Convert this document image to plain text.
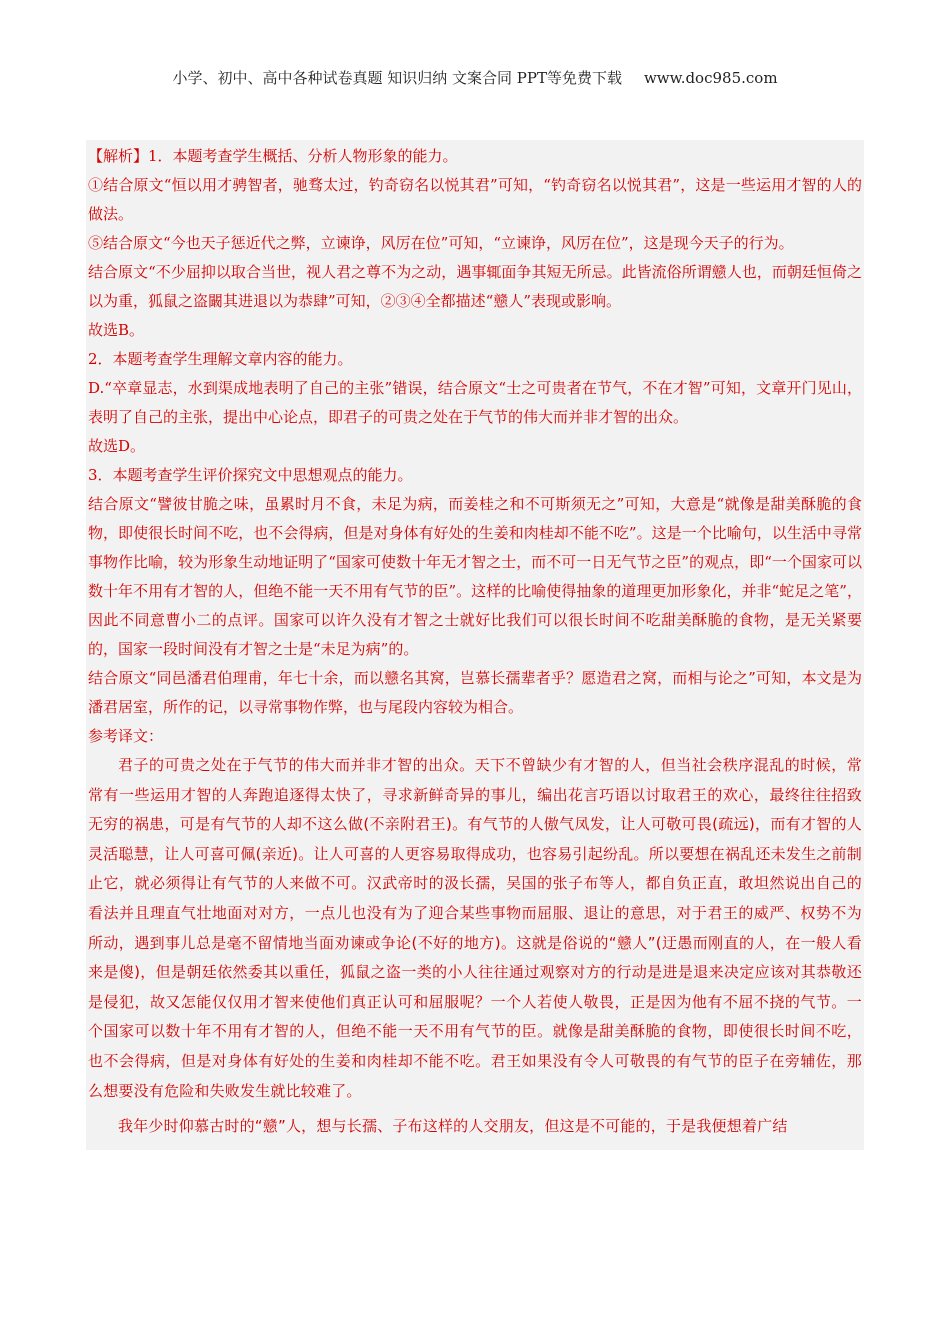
小学、初中、高中各种试卷真题 知识归纳 文案合同 PPT等免费下载 www.doc985.com

【解析】1．本题考查学生概括、分析人物形象的能力。

①结合原文“恒以用才骋智者，驰骛太过，钓奇窃名以悦其君”可知，“钓奇窃名以悦其君”，这是一些运用才智的人的做法。

⑤结合原文“今也天子惩近代之弊，立谏诤，风厉在位”可知，“立谏诤，风厉在位”，这是现今天子的行为。

结合原文“不少屈抑以取合当世，视人君之尊不为之动，遇事辄面争其短无所忌。此皆流俗所谓戆人也，而朝廷恒倚之以为重，狐鼠之盗闞其进退以为恭肆”可知，②③④全都描述“戆人”表现或影响。

故选B。

2．本题考查学生理解文章内容的能力。

D.“卒章显志，水到渠成地表明了自己的主张”错误，结合原文“士之可贵者在节气，不在才智”可知，文章开门见山，表明了自己的主张，提出中心论点，即君子的可贵之处在于气节的伟大而并非才智的出众。

故选D。

3．本题考查学生评价探究文中思想观点的能力。

结合原文“譬彼甘脆之味，虽累时月不食，未足为病，而姜桂之和不可斯须无之”可知，大意是“就像是甜美酥脆的食物，即使很长时间不吃，也不会得病，但是对身体有好处的生姜和肉桂却不能不吃”。这是一个比喻句，以生活中寻常事物作比喻，较为形象生动地证明了“国家可使数十年无才智之士，而不可一日无气节之臣”的观点，即“一个国家可以数十年不用有才智的人，但绝不能一天不用有气节的臣”。这样的比喻使得抽象的道理更加形象化，并非“蛇足之笔”，因此不同意曹小二的点评。国家可以许久没有才智之士就好比我们可以很长时间不吃甜美酥脆的食物，是无关紧要的，国家一段时间没有才智之士是“未足为病”的。

结合原文“同邑潘君伯理甫，年七十余，而以戆名其窝，岂慕长孺辈者乎？愿造君之窝，而相与论之”可知，本文是为潘君居室，所作的记，以寻常事物作弊，也与尾段内容较为相合。

参考译文：

君子的可贵之处在于气节的伟大而并非才智的出众。天下不曾缺少有才智的人，但当社会秩序混乱的时候，常常有一些运用才智的人奔跑追逐得太快了，寻求新鲜奇异的事儿，编出花言巧语以讨取君王的欢心，最终往往招致无穷的祸患，可是有气节的人却不这么做(不亲附君王)。有气节的人傲气凤发，让人可敬可畏(疏远)，而有才智的人灵活聪慧，让人可喜可佩(亲近)。让人可喜的人更容易取得成功，也容易引起纷乱。所以要想在祸乱还未发生之前制止它，就必须得让有气节的人来做不可。汉武帝时的汲长孺，吴国的张子布等人，都自负正直，敢坦然说出自己的看法并且理直气壮地面对对方，一点儿也没有为了迎合某些事物而屈服、退让的意思，对于君王的威严、权势不为所动，遇到事儿总是毫不留情地当面劝谏或争论(不好的地方)。这就是俗说的“戆人”(迂愚而刚直的人，在一般人看来是傻)，但是朝廷依然委其以重任，狐鼠之盗一类的小人往往通过观察对方的行动是进是退来决定应该对其恭敬还是侵犯，故又怎能仅仅用才智来使他们真正认可和屈服呢？一个人若使人敬畏，正是因为他有不屈不挠的气节。一个国家可以数十年不用有才智的人，但绝不能一天不用有气节的臣。就像是甜美酥脆的食物，即使很长时间不吃，也不会得病，但是对身体有好处的生姜和肉桂却不能不吃。君王如果没有令人可敬畏的有气节的臣子在旁辅佐，那么想要没有危险和失败发生就比较难了。

我年少时仰慕古时的“戆”人，想与长孺、子布这样的人交朋友，但这是不可能的，于是我便想着广结
